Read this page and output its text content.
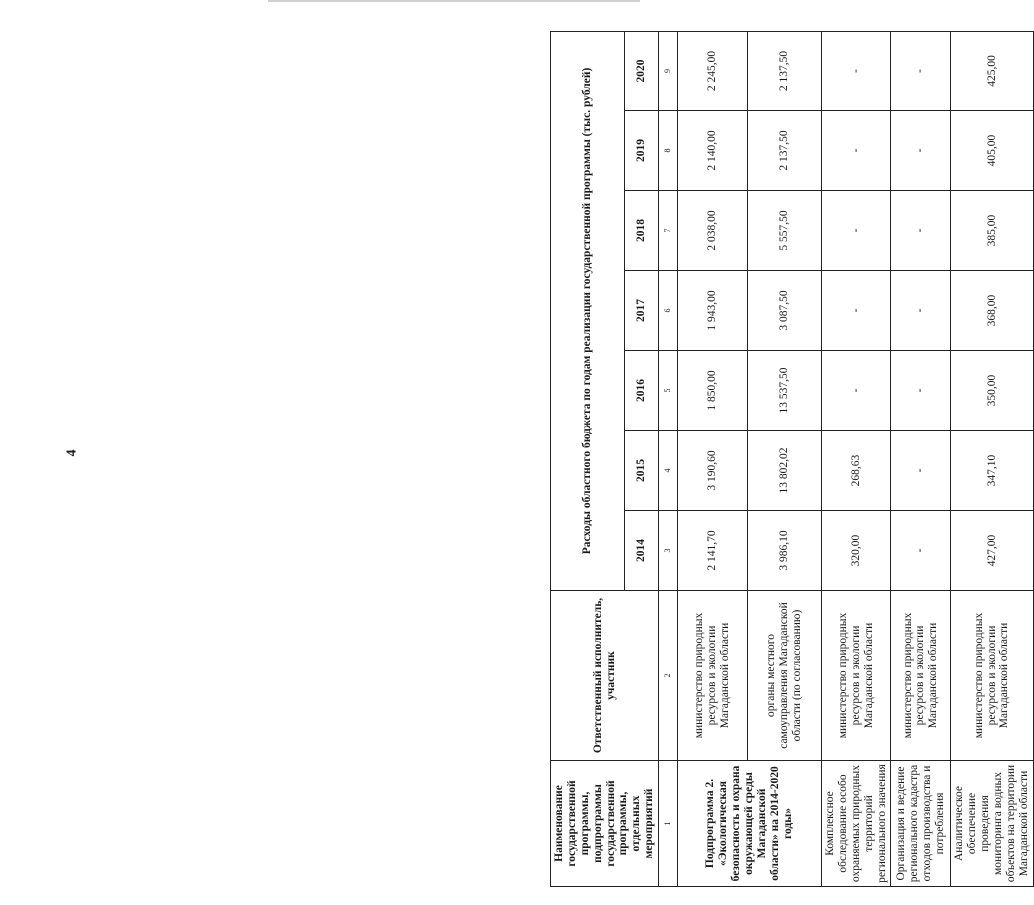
4
Наименование государственной программы, подпрограммы государственной программы, отдельных мероприятий	Ответственный исполнитель, участник	Расходы областного бюджета по годам реализации государственной программы (тыс. рублей)						
		2014	2015	2016	2017	2018	2019	2020
1	2	3	4	5	6	7	8	9
Подпрограмма 2. «Экологическая безопасность и охрана окружающей среды Магаданской области» на 2014-2020 годы»	министерство природных ресурсов и экологии Магаданской области	2 141,70	3 190,60	1 850,00	1 943,00	2 038,00	2 140,00	2 245,00

	органы местного самоуправления Магаданской области (по согласованию)	3 986,10	13 802,02	13 537,50	3 087,50	5 557,50	2 137,50	2 137,50
Комплексное обследование особо охраняемых природных территорий регионального значения	министерство природных ресурсов и экологии Магаданской области	320,00	268,63	-	-	-	-	-
Организация и ведение регионального кадастра отходов производства и потребления	министерство природных ресурсов и экологии Магаданской области	-	-	-	-	-	-	-
Аналитическое обеспечение проведения мониторинга водных объектов на территории Магаданской области	министерство природных ресурсов и экологии Магаданской области	427,00	347,10	350,00	368,00	385,00	405,00	425,00
